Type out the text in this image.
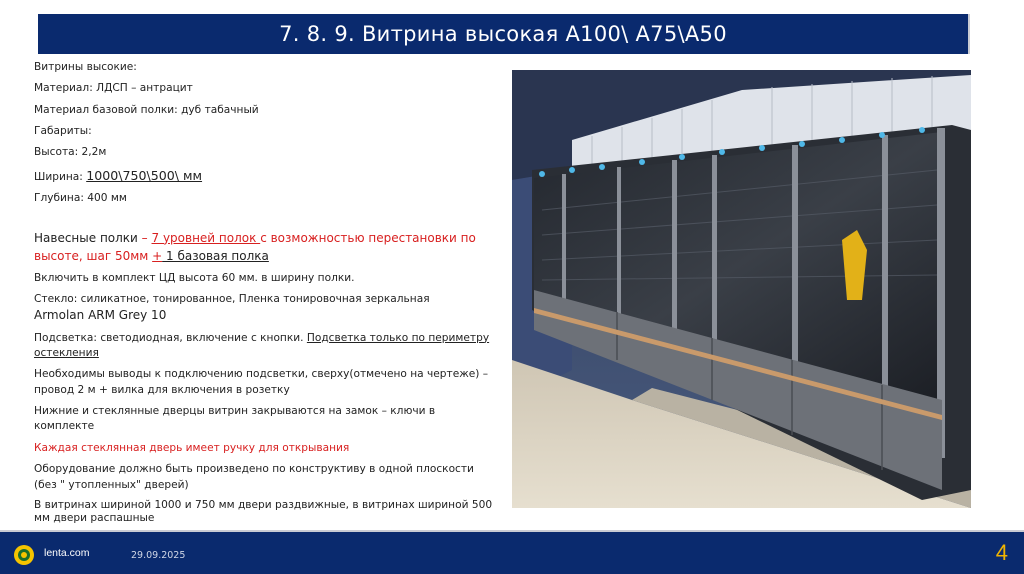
7. 8. 9. Витрина высокая А100\ А75\А50

Витрины высокие:

Материал: ЛДСП – антрацит

Материал базовой полки: дуб табачный

Габариты:

Высота: 2,2м

Ширина: 1000\750\500\ мм

Глубина: 400 мм

Навесные полки – 7 уровней полок с возможностью перестановки по высоте, шаг 50мм + 1 базовая полка

Включить в комплект ЦД высота 60 мм. в ширину полки.

Стекло: силикатное, тонированное, Пленка тонировочная зеркальная
Armolan ARM Grey 10

Подсветка: светодиодная, включение с кнопки. Подсветка только по периметру остекления

Необходимы выводы к подключению подсветки, сверху(отмечено на чертеже) – провод 2 м + вилка для включения в розетку

Нижние и стеклянные дверцы витрин закрываются на замок – ключи в комплекте

Каждая стеклянная дверь имеет ручку для открывания

Оборудование должно быть произведено по конструктиву в одной плоскости (без " утопленных" дверей)

В витринах шириной 1000 и 750 мм двери раздвижные, в витринах шириной 500 мм двери распашные

lenta.com	29.09.2025	4
